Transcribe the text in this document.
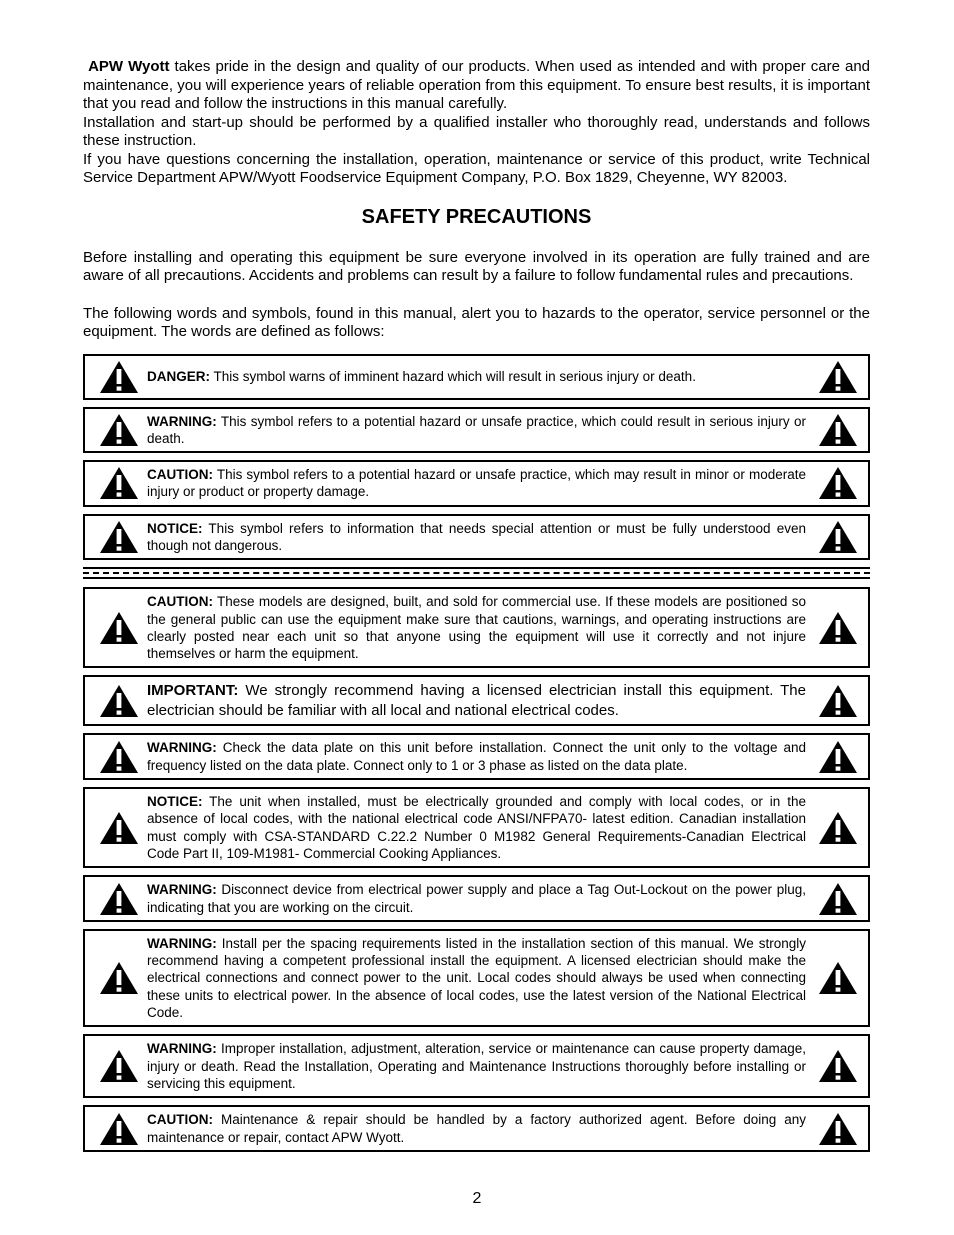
APW Wyott takes pride in the design and quality of our products. When used as intended and with proper care and maintenance, you will experience years of reliable operation from this equipment. To ensure best results, it is important that you read and follow the instructions in this manual carefully.

Installation and start-up should be performed by a qualified installer who thoroughly read, understands and follows these instruction.

If you have questions concerning the installation, operation, maintenance or service of this product, write Technical Service Department APW/Wyott Foodservice Equipment Company, P.O. Box 1829, Cheyenne, WY 82003.

SAFETY PRECAUTIONS

Before installing and operating this equipment be sure everyone involved in its operation are fully trained and are aware of all precautions. Accidents and problems can result by a failure to follow fundamental rules and precautions.

The following words and symbols, found in this manual, alert you to hazards to the operator, service personnel or the equipment. The words are defined as follows:

DANGER: This symbol warns of imminent hazard which will result in serious injury or death.
WARNING: This symbol refers to a potential hazard or unsafe practice, which could result in serious injury or death.
CAUTION: This symbol refers to a potential hazard or unsafe practice, which may result in minor or moderate injury or product or property damage.
NOTICE: This symbol refers to information that needs special attention or must be fully understood even though not dangerous.
CAUTION: These models are designed, built, and sold for commercial use. If these models are positioned so the general public can use the equipment make sure that cautions, warnings, and operating instructions are clearly posted near each unit so that anyone using the equipment will use it correctly and not injure themselves or harm the equipment.
IMPORTANT: We strongly recommend having a licensed electrician install this equipment. The electrician should be familiar with all local and national electrical codes.
WARNING: Check the data plate on this unit before installation. Connect the unit only to the voltage and frequency listed on the data plate. Connect only to 1 or 3 phase as listed on the data plate.
NOTICE: The unit when installed, must be electrically grounded and comply with local codes, or in the absence of local codes, with the national electrical code ANSI/NFPA70- latest edition. Canadian installation must comply with CSA-STANDARD C.22.2 Number 0 M1982 General Requirements-Canadian Electrical Code Part II, 109-M1981- Commercial Cooking Appliances.
WARNING: Disconnect device from electrical power supply and place a Tag Out-Lockout on the power plug, indicating that you are working on the circuit.
WARNING: Install per the spacing requirements listed in the installation section of this manual. We strongly recommend having a competent professional install the equipment. A licensed electrician should make the electrical connections and connect power to the unit. Local codes should always be used when connecting these units to electrical power. In the absence of local codes, use the latest version of the National Electrical Code.
WARNING: Improper installation, adjustment, alteration, service or maintenance can cause property damage, injury or death. Read the Installation, Operating and Maintenance Instructions thoroughly before installing or servicing this equipment.
CAUTION: Maintenance & repair should be handled by a factory authorized agent. Before doing any maintenance or repair, contact APW Wyott.
2
